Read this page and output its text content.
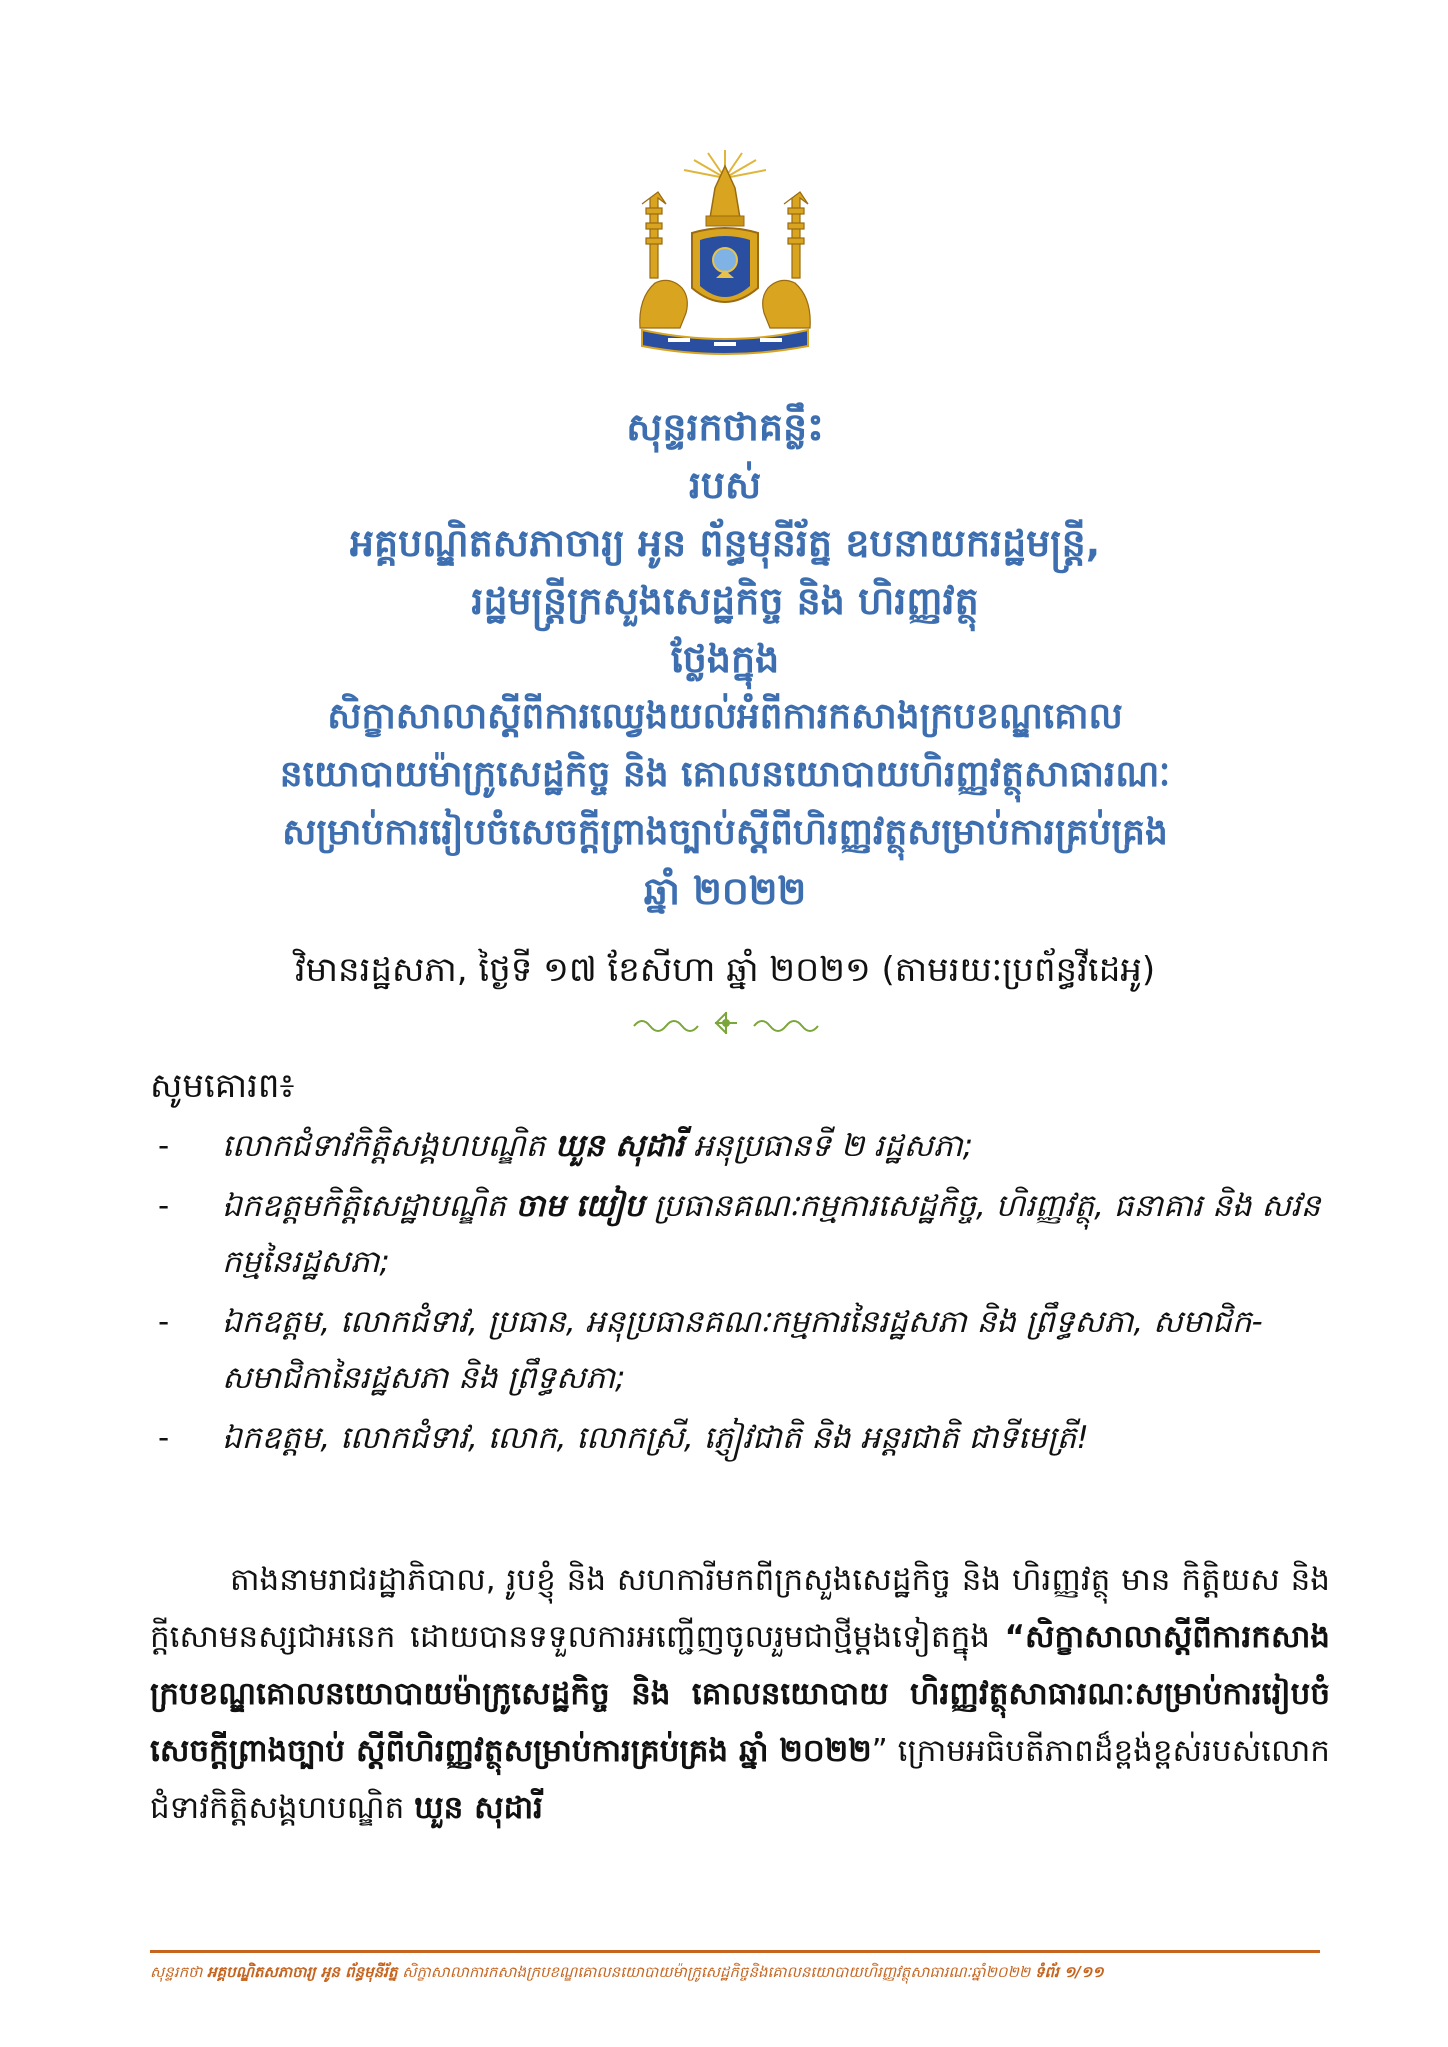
សុន្ទរកថាគន្លឹះ
របស់
អគ្គបណ្ឌិតសភាចារ្យ អូន ព័ន្ធមុនីរ័ត្ន ឧបនាយករដ្ឋមន្ត្រី,
រដ្ឋមន្ត្រីក្រសួងសេដ្ឋកិច្ច និង ហិរញ្ញវត្ថុ
ថ្លែងក្នុង
សិក្ខាសាលាស្តីពីការឈ្វេងយល់អំពីការកសាងក្របខណ្ឌគោល
នយោបាយម៉ាក្រូសេដ្ឋកិច្ច និង គោលនយោបាយហិរញ្ញវត្ថុសាធារណៈ
សម្រាប់ការរៀបចំសេចក្តីព្រាងច្បាប់ស្តីពីហិរញ្ញវត្ថុសម្រាប់ការគ្រប់គ្រង
ឆ្នាំ ២០២២
វិមានរដ្ឋសភា, ថ្ងៃទី ១៧ ខែសីហា ឆ្នាំ ២០២១ (តាមរយៈប្រព័ន្ធវីដេអូ)
សូមគោរព៖
- លោកជំទាវកិត្តិសង្គហបណ្ឌិត ឃួន សុដារី អនុប្រធានទី ២ រដ្ឋសភា;
- ឯកឧត្តមកិត្តិសេដ្ឋាបណ្ឌិត ចាម យៀប ប្រធានគណៈកម្មការសេដ្ឋកិច្ច, ហិរញ្ញវត្ថុ, ធនាគារ និង សវនកម្មនៃរដ្ឋសភា;
- ឯកឧត្តម, លោកជំទាវ, ប្រធាន, អនុប្រធានគណៈកម្មការនៃរដ្ឋសភា និង ព្រឹទ្ធសភា, សមាជិក-សមាជិកានៃរដ្ឋសភា និង ព្រឹទ្ធសភា;
- ឯកឧត្តម, លោកជំទាវ, លោក, លោកស្រី, ភ្ញៀវជាតិ និង អន្តរជាតិ ជាទីមេត្រី!
តាងនាមរាជរដ្ឋាភិបាល, រូបខ្ញុំ និង សហការីមកពីក្រសួងសេដ្ឋកិច្ច និង ហិរញ្ញវត្ថុ មាន កិត្តិយស និង ក្តីសោមនស្សជាអនេក ដោយបានទទួលការអញ្ជើញចូលរួមជាថ្មីម្តងទៀតក្នុង “សិក្ខាសាលាស្តីពីការកសាងក្របខណ្ឌគោលនយោបាយម៉ាក្រូសេដ្ឋកិច្ច និង គោលនយោបាយ ហិរញ្ញវត្ថុសាធារណៈសម្រាប់ការរៀបចំសេចក្តីព្រាងច្បាប់ ស្តីពីហិរញ្ញវត្ថុសម្រាប់ការគ្រប់គ្រង ឆ្នាំ ២០២២” ក្រោមអធិបតីភាពដ៏ខ្ពង់ខ្ពស់របស់លោកជំទាវកិត្តិសង្គហបណ្ឌិត ឃួន សុដារី
សុន្ទរកថា អគ្គបណ្ឌិតសភាចារ្យ អូន ព័ន្ធមុនីរ័ត្ន សិក្ខាសាលាការកសាងក្របខណ្ឌគោលនយោបាយម៉ាក្រូសេដ្ឋកិច្ចនិងគោលនយោបាយហិរញ្ញវត្ថុសាធារណៈឆ្នាំ២០២២ ទំព័រ ១/១១
